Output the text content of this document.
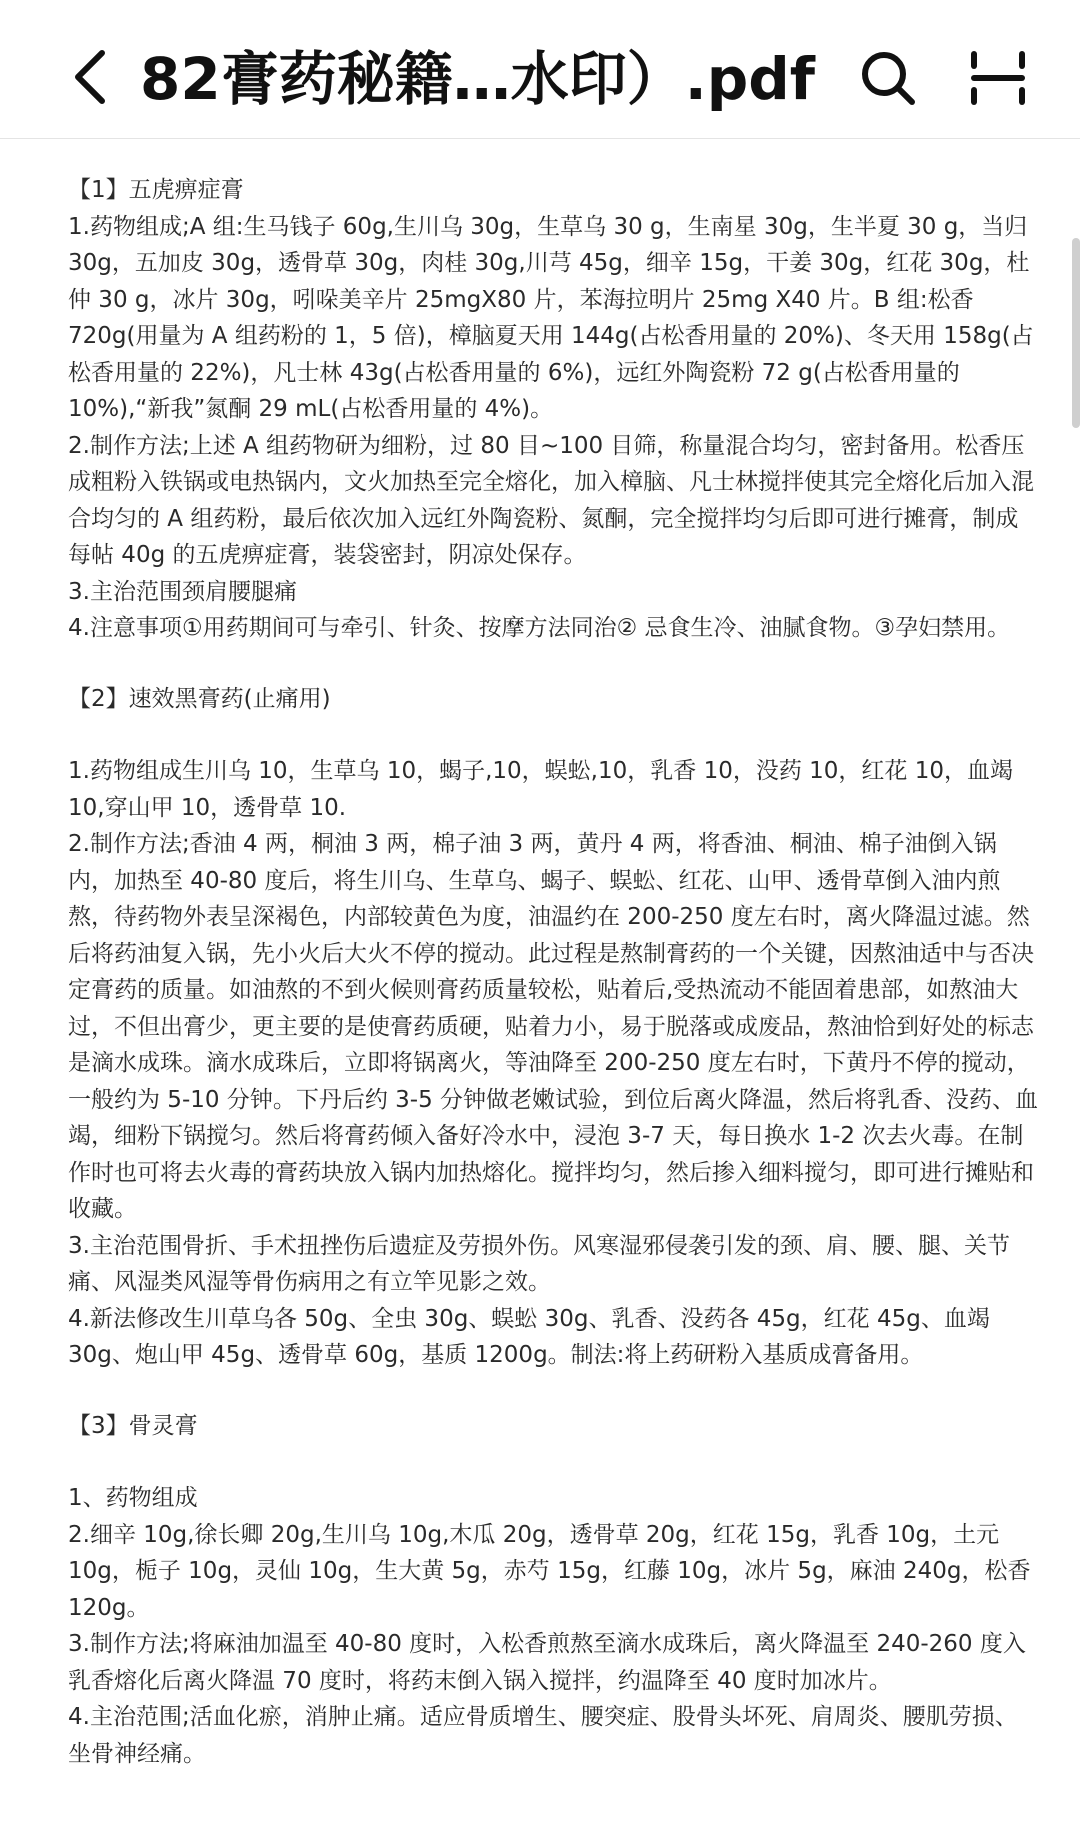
82膏药秘籍…水印）.pdf

【1】五虎痹症膏

1.药物组成;A 组:生马钱子 60g,生川乌 30g，生草乌 30 g，生南星 30g，生半夏 30 g，当归 30g，五加皮 30g，透骨草 30g，肉桂 30g,川芎 45g，细辛 15g，干姜 30g，红花 30g，杜仲 30 g，冰片 30g，吲哚美辛片 25mgX80 片，苯海拉明片 25mg X40 片。B 组:松香 720g(用量为 A 组药粉的 1，5 倍)，樟脑夏天用 144g(占松香用量的 20%)、冬天用 158g(占松香用量的 22%)，凡士林 43g(占松香用量的 6%)，远红外陶瓷粉 72 g(占松香用量的 10%),“新我”氮酮 29 mL(占松香用量的 4%)。

2.制作方法;上述 A 组药物研为细粉，过 80 目~100 目筛，称量混合均匀，密封备用。松香压成粗粉入铁锅或电热锅内，文火加热至完全熔化，加入樟脑、凡士林搅拌使其完全熔化后加入混合均匀的 A 组药粉，最后依次加入远红外陶瓷粉、氮酮，完全搅拌均匀后即可进行摊膏，制成每帖 40g 的五虎痹症膏，装袋密封，阴凉处保存。

3.主治范围颈肩腰腿痛

4.注意事项①用药期间可与牵引、针灸、按摩方法同治② 忌食生冷、油腻食物。③孕妇禁用。

【2】速效黑膏药(止痛用)

1.药物组成生川乌 10，生草乌 10，蝎子,10，蜈蚣,10，乳香 10，没药 10，红花 10，血竭 10,穿山甲 10，透骨草 10.

2.制作方法;香油 4 两，桐油 3 两，棉子油 3 两，黄丹 4 两，将香油、桐油、棉子油倒入锅内，加热至 40-80 度后，将生川乌、生草乌、蝎子、蜈蚣、红花、山甲、透骨草倒入油内煎熬，待药物外表呈深褐色，内部较黄色为度，油温约在 200-250 度左右时，离火降温过滤。然后将药油复入锅，先小火后大火不停的搅动。此过程是熬制膏药的一个关键，因熬油适中与否决定膏药的质量。如油熬的不到火候则膏药质量较松，贴着后,受热流动不能固着患部，如熬油大过，不但出膏少，更主要的是使膏药质硬，贴着力小，易于脱落或成废品，熬油恰到好处的标志是滴水成珠。滴水成珠后，立即将锅离火，等油降至 200-250 度左右时，下黄丹不停的搅动，一般约为 5-10 分钟。下丹后约 3-5 分钟做老嫩试验，到位后离火降温，然后将乳香、没药、血竭，细粉下锅搅匀。然后将膏药倾入备好冷水中，浸泡 3-7 天，每日换水 1-2 次去火毒。在制作时也可将去火毒的膏药块放入锅内加热熔化。搅拌均匀，然后掺入细料搅匀，即可进行摊贴和收藏。

3.主治范围骨折、手术扭挫伤后遗症及劳损外伤。风寒湿邪侵袭引发的颈、肩、腰、腿、关节痛、风湿类风湿等骨伤病用之有立竿见影之效。

4.新法修改生川草乌各 50g、全虫 30g、蜈蚣 30g、乳香、没药各 45g，红花 45g、血竭 30g、炮山甲 45g、透骨草 60g，基质 1200g。制法:将上药研粉入基质成膏备用。

【3】骨灵膏

1、药物组成

2.细辛 10g,徐长卿 20g,生川乌 10g,木瓜 20g，透骨草 20g，红花 15g，乳香 10g，土元 10g，栀子 10g，灵仙 10g，生大黄 5g，赤芍 15g，红藤 10g，冰片 5g，麻油 240g，松香 120g。

3.制作方法;将麻油加温至 40-80 度时，入松香煎熬至滴水成珠后，离火降温至 240-260 度入乳香熔化后离火降温 70 度时，将药末倒入锅入搅拌，约温降至 40 度时加冰片。

4.主治范围;活血化瘀，消肿止痛。适应骨质增生、腰突症、股骨头坏死、肩周炎、腰肌劳损、坐骨神经痛。
